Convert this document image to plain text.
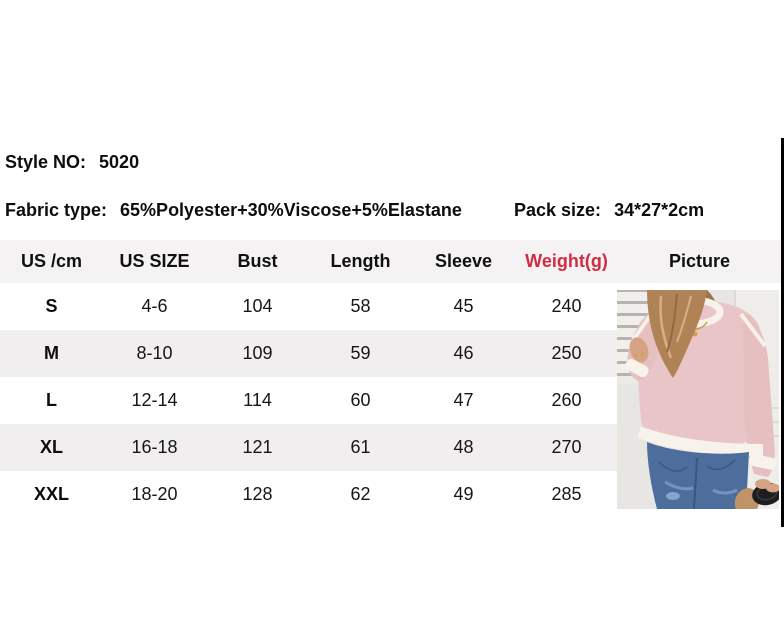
Style NO: 5020
Fabric type: 65%Polyester+30%Viscose+5%Elastane	Pack size: 34*27*2cm
US /cm	US SIZE	Bust	Length	Sleeve	Weight(g)	Picture
S	4-6	104	58	45	240
M	8-10	109	59	46	250
L	12-14	114	60	47	260
XL	16-18	121	61	48	270
XXL	18-20	128	62	49	285
